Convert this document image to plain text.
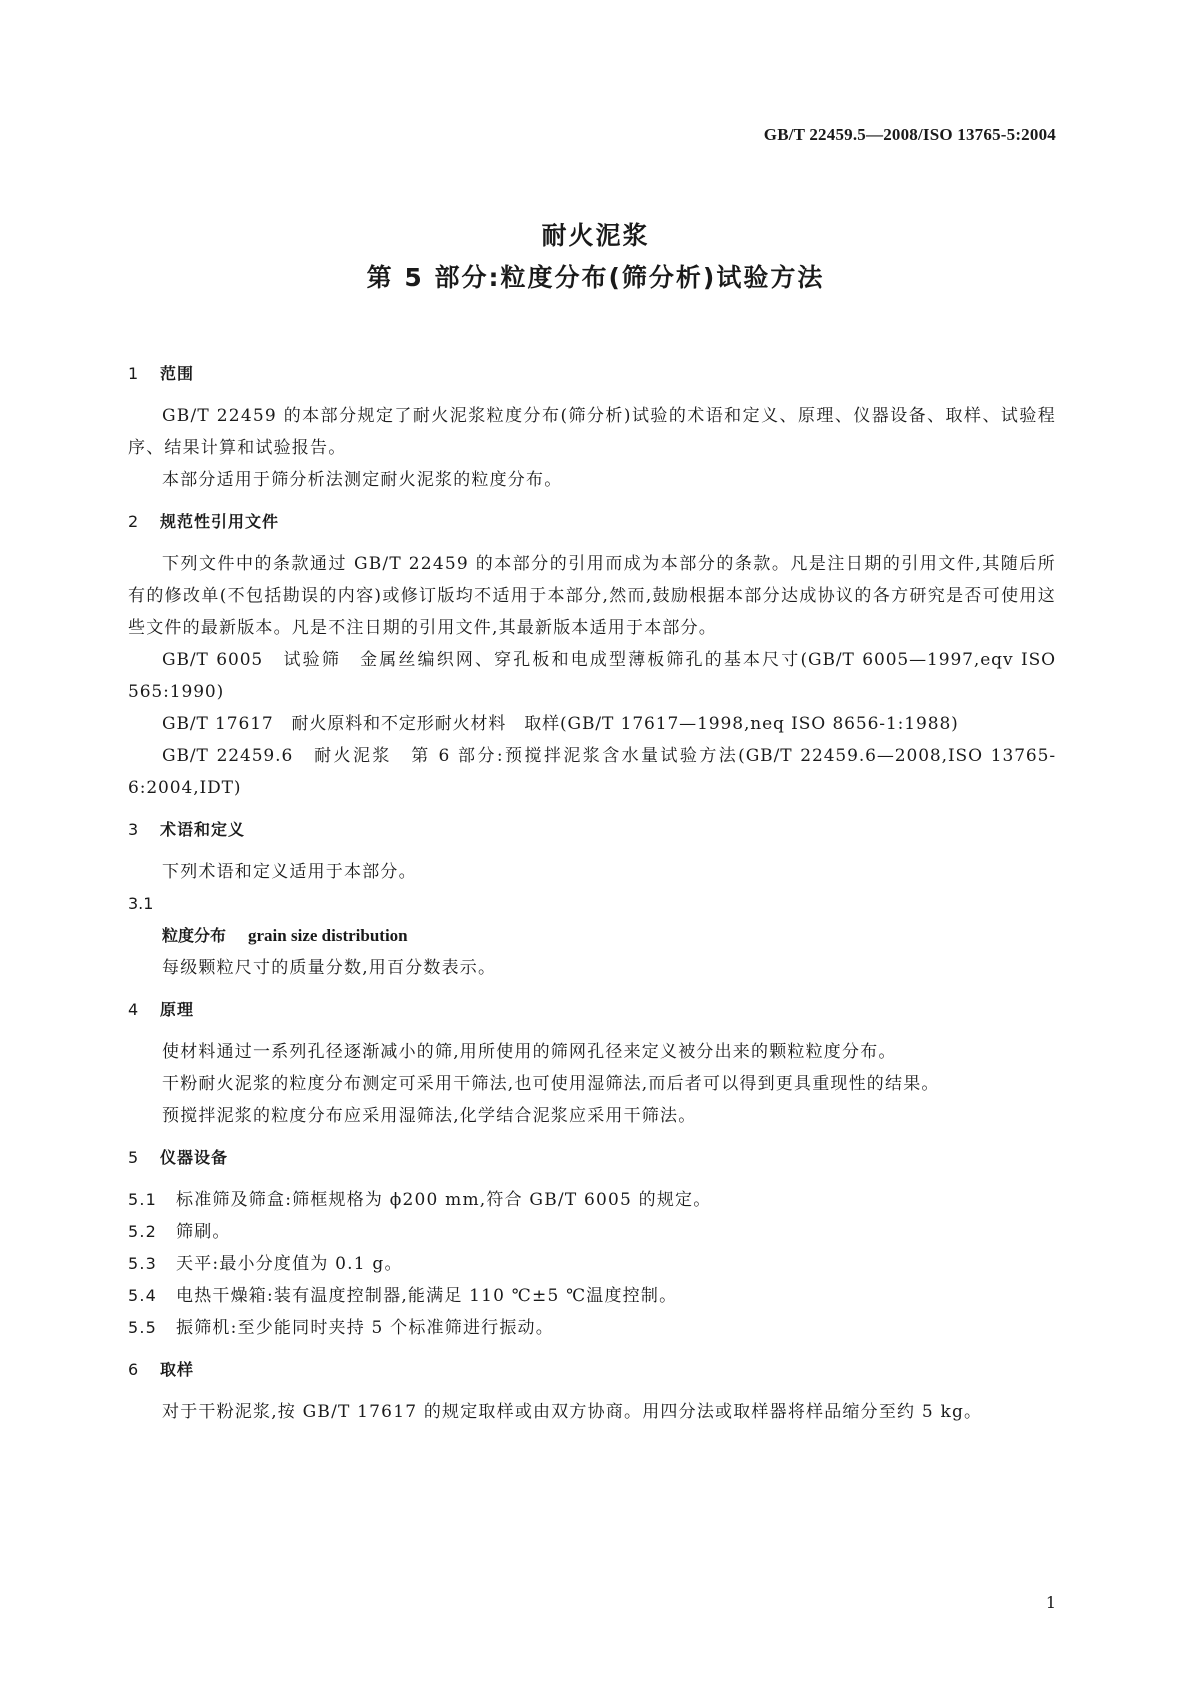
GB/T 22459.5—2008/ISO 13765-5:2004
耐火泥浆
第 5 部分:粒度分布(筛分析)试验方法
1 范围

GB/T 22459 的本部分规定了耐火泥浆粒度分布(筛分析)试验的术语和定义、原理、仪器设备、取样、试验程序、结果计算和试验报告。

本部分适用于筛分析法测定耐火泥浆的粒度分布。

2 规范性引用文件

下列文件中的条款通过 GB/T 22459 的本部分的引用而成为本部分的条款。凡是注日期的引用文件,其随后所有的修改单(不包括勘误的内容)或修订版均不适用于本部分,然而,鼓励根据本部分达成协议的各方研究是否可使用这些文件的最新版本。凡是不注日期的引用文件,其最新版本适用于本部分。

GB/T 6005　试验筛　金属丝编织网、穿孔板和电成型薄板筛孔的基本尺寸(GB/T 6005—1997,eqv ISO 565:1990)

GB/T 17617　耐火原料和不定形耐火材料　取样(GB/T 17617—1998,neq ISO 8656-1:1988)

GB/T 22459.6　耐火泥浆　第 6 部分:预搅拌泥浆含水量试验方法(GB/T 22459.6—2008,ISO 13765-6:2004,IDT)

3 术语和定义

下列术语和定义适用于本部分。

3.1

粒度分布 grain size distribution

每级颗粒尺寸的质量分数,用百分数表示。

4 原理

使材料通过一系列孔径逐渐减小的筛,用所使用的筛网孔径来定义被分出来的颗粒粒度分布。

干粉耐火泥浆的粒度分布测定可采用干筛法,也可使用湿筛法,而后者可以得到更具重现性的结果。

预搅拌泥浆的粒度分布应采用湿筛法,化学结合泥浆应采用干筛法。

5 仪器设备

5.1	标准筛及筛盒:筛框规格为 ϕ200 mm,符合 GB/T 6005 的规定。

5.2	筛刷。

5.3	天平:最小分度值为 0.1 g。

5.4	电热干燥箱:装有温度控制器,能满足 110 ℃±5 ℃温度控制。

5.5	振筛机:至少能同时夹持 5 个标准筛进行振动。

6 取样

对于干粉泥浆,按 GB/T 17617 的规定取样或由双方协商。用四分法或取样器将样品缩分至约 5 kg。

1
